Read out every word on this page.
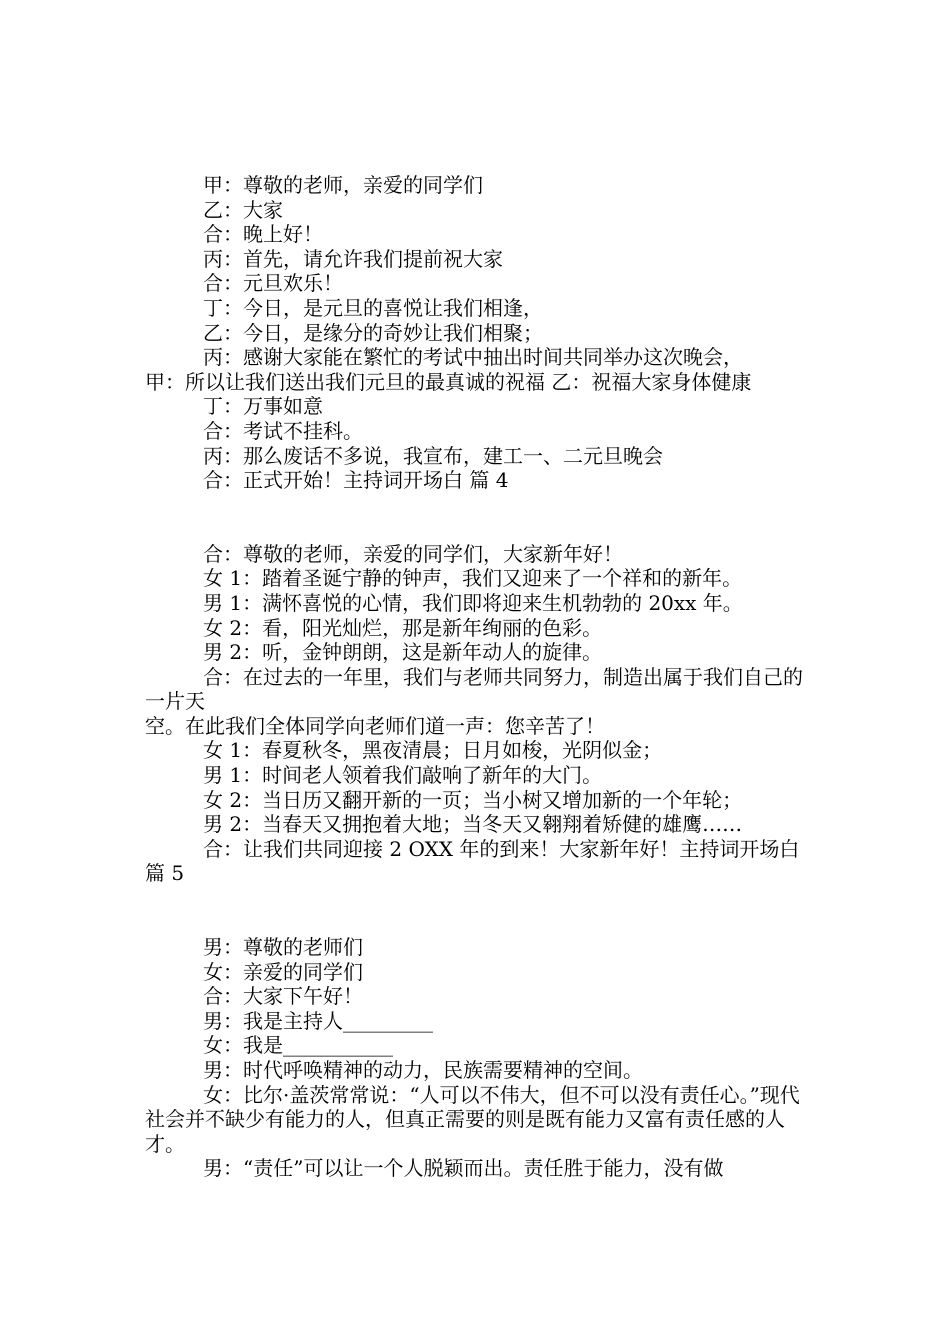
甲：尊敬的老师，亲爱的同学们

乙：大家

合：晚上好！

丙：首先，请允许我们提前祝大家

合：元旦欢乐！

丁：今日，是元旦的喜悦让我们相逢，

乙：今日，是缘分的奇妙让我们相聚；

丙：感谢大家能在繁忙的考试中抽出时间共同举办这次晚会，

甲：所以让我们送出我们元旦的最真诚的祝福 乙：祝福大家身体健康

丁：万事如意

合：考试不挂科。

丙：那么废话不多说，我宣布，建工一、二元旦晚会

合：正式开始！主持词开场白 篇 4

合：尊敬的老师，亲爱的同学们，大家新年好！

女 1：踏着圣诞宁静的钟声，我们又迎来了一个祥和的新年。

男 1：满怀喜悦的心情，我们即将迎来生机勃勃的 20xx 年。

女 2：看，阳光灿烂，那是新年绚丽的色彩。

男 2：听，金钟朗朗，这是新年动人的旋律。

合：在过去的一年里，我们与老师共同努力，制造出属于我们自己的一片天

空。在此我们全体同学向老师们道一声：您辛苦了！

女 1：春夏秋冬，黑夜清晨；日月如梭，光阴似金；

男 1：时间老人领着我们敲响了新年的大门。

女 2：当日历又翻开新的一页；当小树又增加新的一个年轮；

男 2：当春天又拥抱着大地；当冬天又翱翔着矫健的雄鹰……

合：让我们共同迎接 2 OXX 年的到来！大家新年好！主持词开场白 篇 5

男：尊敬的老师们

女：亲爱的同学们

合：大家下午好！

男：我是主持人_________

女：我是___________

男：时代呼唤精神的动力，民族需要精神的空间。

女：比尔·盖茨常常说：“人可以不伟大，但不可以没有责任心。”现代社会并不缺少有能力的人，但真正需要的则是既有能力又富有责任感的人才。

男：“责任”可以让一个人脱颖而出。责任胜于能力，没有做
